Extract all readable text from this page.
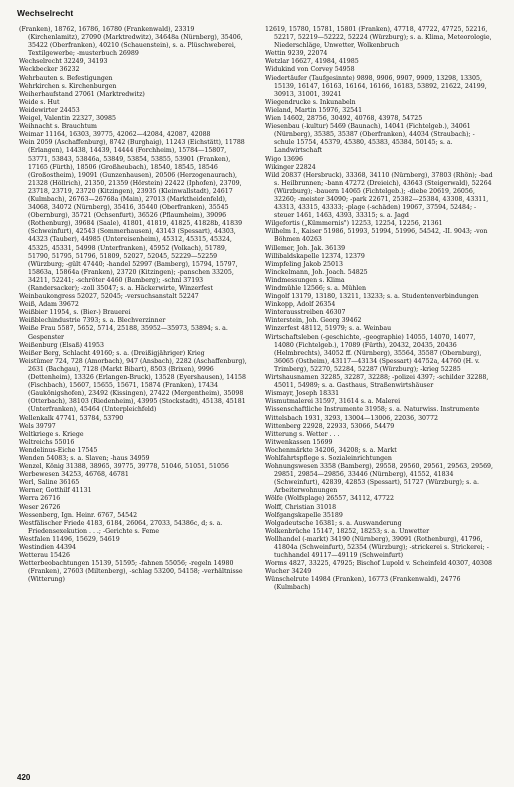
Wechselrecht

(Franken), 18762, 16786, 16780 (Frankenwald), 23319 (Kirchenlamitz), 27090 (Marktredwitz), 34648a (Nürnberg), 35406, 35422 (Oberfranken), 40210 (Schauenstein), s. a. Plüschweberei, Textilgewerbe; -musterbuch 26989

Wechselrecht 32249, 34193

Weckbecker 36232

Wehrbauten s. Befestigungen

Wehrkirchen s. Kirchenburgen

Weiherhaufstand 27061 (Marktredwitz)

Weide s. Hut

Weidewirter 24453

Weigel, Valentin 22327, 30985

Weihnacht s. Brauchtum

Weimar 11164, 16303, 39775, 42062—42084, 42087, 42088

Wein 2059 (Aschaffenburg), 8742 (Burghaig), 11243 (Eichstätt), 11788 (Erlangen), 14438, 14439, 14444 (Forchheim), 15784—15807, 53771, 53843, 53846a, 53849, 53854, 53855, 53901 (Franken), 17165 (Fürth), 18506 (Großheubach), 18540, 18545, 18546 (Großostheim), 19091 (Gunzenhausen), 20506 (Herzogenaurach), 21328 (Höllrich), 21350, 21359 (Hörstein) 22422 (Iphofen), 23709, 23718, 23719, 23720 (Kitzingen), 23935 (Kleinwallstadt), 24617 (Kulmbach), 26763—26768a (Main), 27013 (Marktheidenfeld), 34068, 34072 (Nürnberg), 35416, 35440 (Oberfranken), 35545 (Obernburg), 35721 (Ochsenfurt), 36526 (Pflaumheim), 39096 (Rothenburg), 39684 (Saale), 41801, 41819, 41825, 41828b, 41839 (Schweinfurt), 42543 (Sommerhausen), 43143 (Spessart), 44303, 44323 (Tauber), 44985 (Untereisenheim), 45312, 45315, 45324, 45325, 45331, 54998 (Unterfranken), 45952 (Volkach), 51789, 51790, 51795, 51796, 51809, 52027, 52045, 52229—52259 (Würzburg; -gült 47440; -handel 52997 (Bamberg), 15794, 15797, 15863a, 15864a (Franken), 23720 (Kitzingen); -panschen 33205, 34211, 52241; -schröter 4460 (Bamberg); -schnl 37193 (Randersacker); -zoll 35047; s. a. Häckerwirte, Winzerfest

Weinbaukongress 52027, 52045; -versuchsanstalt 52247

Weiß, Adam 39672

Weißbier 11954, s. (Bier-) Brauerei

Weißblechindustrie 7393; s. a. Blechverzinner

Weiße Frau 5587, 5652, 5714, 25188, 35952—35973, 53894; s. a. Gespenster

Weißenburg (Elsaß) 41953

Weißer Berg, Schlacht 49160; s. a. (Dreißigjähriger) Krieg

Weistümer 724, 728 (Amorbach), 947 (Ansbach), 2282 (Aschaffenburg), 2631 (Bachgau), 7128 (Markt Bibart), 8503 (Brixen), 9996 (Dettenheim), 13326 (Erlangen-Bruck), 13528 (Eyershausen), 14158 (Fischbach), 15607, 15655, 15671, 15874 (Franken), 17434 (Gaukönigshofen), 23492 (Kissingen), 27422 (Mergentheim), 35098 (Otterbach), 38103 (Riedenheim), 43995 (Stockstadt), 45138, 45181 (Unterfranken), 45464 (Unterpleichfeld)

Wellenkalk 47741, 53784, 53790

Wels 39797

Weltkriege s. Kriege

Weltreichs 55016

Wendelinus-Eiche 17545

Wenden 54083; s. a. Slaven; -haus 34959

Wenzel, König 31388, 38965, 39775, 39778, 51046, 51051, 51056

Werbewesen 34253, 46768, 46781

Werl, Saline 36165

Werner, Gotthilf 41131

Werra 26716

Weser 26726

Wessenberg, Ign. Heinr. 6767, 54542

Westfälischer Friede 4183, 6184, 26064, 27033, 54386c, d; s. a. Friedensexekution . . .; -Gerichte s. Feme

Westfalen 11496, 15629, 54619

Westindien 44394

Wetterau 15426

Wetterbeobachtungen 15139, 51595; -fahnen 55056; -regeln 14980 (Franken), 27603 (Miltenberg), -schlag 53200, 54158; -verhältnisse (Witterung)

12619, 15780, 15781, 15801 (Franken), 47718, 47722, 47725, 52216, 52217, 52219—52222, 52224 (Würzburg); s. a. Klima, Meteorologie, Niederschläge, Unwetter, Wolkenbruch

Wettin 9239, 22074

Wetzlar 16627, 41984, 41985

Widukind von Corvey 54958

Wiedertäufer (Taufgesinnte) 9898, 9906, 9907, 9909, 13298, 13305, 15139, 16147, 16163, 16164, 16166, 16183, 53892, 21622, 24199, 30913, 31001, 39241

Wiegendrucke s. Inkunabeln

Wieland, Martin 15976, 32541

Wien 14602, 28756, 30492, 40768, 43978, 54725

Wiesenbau (-kultur) 5469 (Baunach), 14041 (Fichtelgeb.), 34061 (Nürnberg), 35385, 35387 (Oberfranken), 44034 (Straubach); -schule 15754, 45379, 45380, 45383, 45384, 50145; s. a. Landwirtschaft

Wigo 13696

Wikinger 22824

Wild 20837 (Hersbruck), 33368, 34110 (Nürnberg), 37803 (Rhön); -bad s. Heilbrunnen; -bann 47272 (Dreieich), 43643 (Steigerwald), 52264 (Würzburg); -bauern 14065 (Fichtelgeb.); -diebe 20619, 26056, 32260; -meister 34090; -park 22671, 25382—25384, 43308, 43311, 43313, 43315, 43333; -plage (-schäden) 19067, 37594, 52484; -steuer 1461, 1463, 4393, 33315; s. a. Jagd

Wilgefortis („Kümmernis") 12253, 12254, 12256, 21361

Wilhelm I., Kaiser 51986, 51993, 51994, 51996, 54542, -II. 9043; -von Böhmen 40263

Willemer, Joh. Jak. 36139

Willibaldskapelle 12374, 12379

Wimpfeling Jakob 25013

Winckelmann, Joh. Joach. 54825

Windmessungen s. Klima

Windmühle 12566; s. a. Mühlen

Wingolf 13179, 13180, 13211, 13233; s. a. Studentenverbindungen

Winkopp, Adolf 26354

Winterausstreiben 46307

Winterstein, Joh. Georg 39462

Winzerfest 48112, 51979; s. a. Weinbau

Wirtschaftsleben (-geschichte, -geographie) 14055, 14070, 14077, 14080 (Fichtelgeb.), 17089 (Fürth), 20432, 20435, 20436 (Helmbrechts), 34052 ff. (Nürnberg), 35564, 35587 (Obernburg), 36065 (Ostheim), 43117—43134 (Spessart) 44752a, 44760 (H. v. Trimberg), 52270, 52284, 52287 (Würzburg); -krieg 52285

Wirtshausnamen 32285, 32287, 32288; -polizei 4397; -schilder 32288, 45011, 54989; s. a. Gasthaus, Straßenwirtshäuser

Wismayr, Joseph 18331

Wismutmalerei 31597, 31614 s. a. Malerei

Wissenschaftliche Instrumente 31958; s. a. Naturwiss. Instrumente

Wittelsbach 1931, 3293, 13004—13006, 22036, 30772

Wittenberg 22928, 22933, 53066, 54479

Witterung s. Wetter . . .

Witwenkassen 15699

Wochenmärkte 34206, 34208; s. a. Markt

Wohlfahrtspflege s. Sozialeinrichtungen

Wohnungswesen 3358 (Bamberg), 29558, 29560, 29561, 29563, 29569, 29851, 29854—29856, 33446 (Nürnberg), 41552, 41834 (Schweinfurt), 42839, 42853 (Spessart), 51727 (Würzburg); s. a. Arbeiterwohnungen

Wölfe (Wolfsplage) 26557, 34112, 47722

Wolff, Christian 31018

Wolfgangskapelle 35189

Wolgadeutsche 16381; s. a. Auswanderung

Wolkenbrüche 15147, 18252, 18253; s. a. Unwetter

Wollhandel (-markt) 34190 (Nürnberg), 39091 (Rothenburg), 41796, 41804a (Schweinfurt), 52354 (Würzburg); -strickerei s. Strickerei; -tuchhandel 49117—49119 (Schweinfurt)

Worms 4827, 33225, 47925; Bischof Lupold v. Scheinfeld 40307, 40308

Wucher 34249

Wünschelrute 14984 (Franken), 16773 (Frankenwald), 24776 (Kulmbach)

420
